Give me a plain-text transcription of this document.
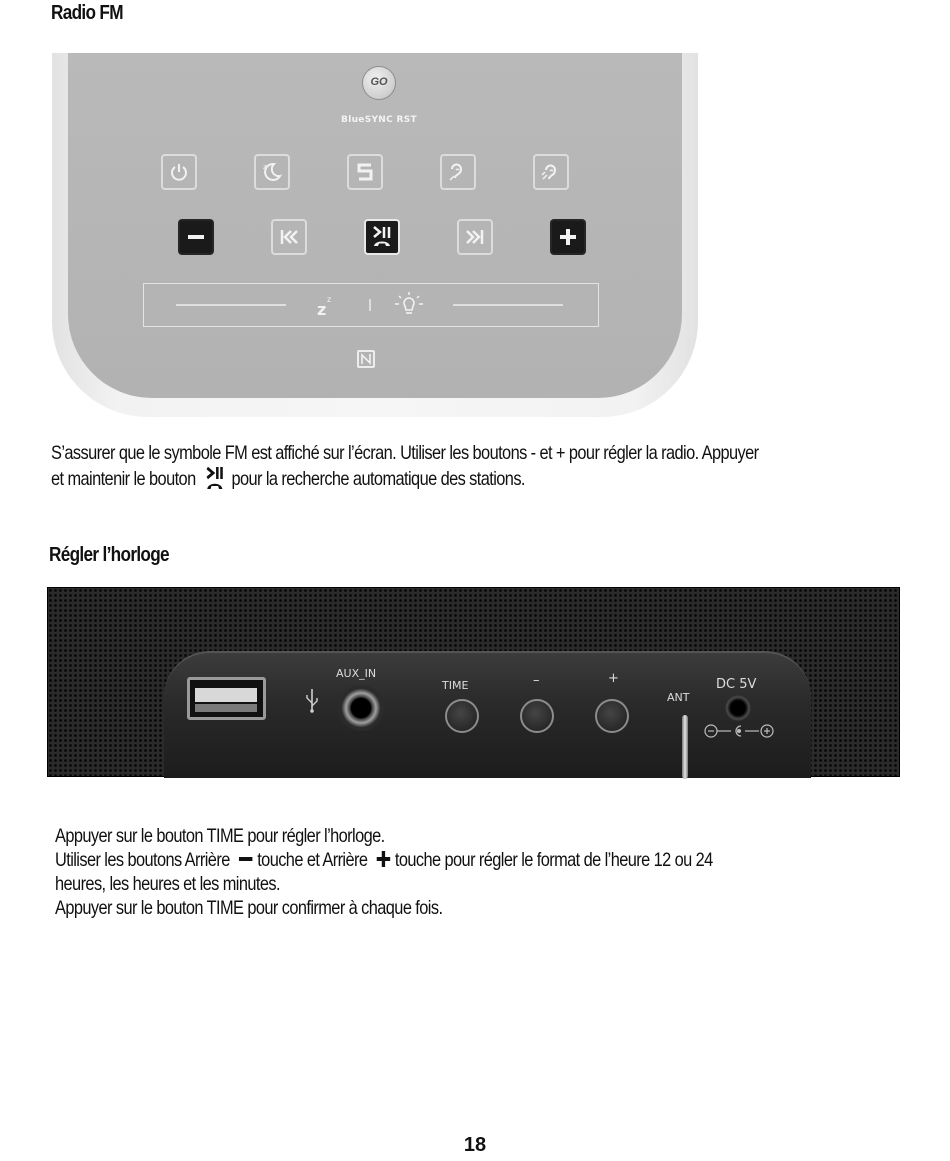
Radio FM
GO
BlueSYNC RST
z
z
z
S’assurer que le symbole FM est affiché sur l’écran. Utiliser les boutons - et + pour régler la radio. Appuyer
et maintenir le bouton pour la recherche automatique des stations.
Régler l’horloge
AUX_IN
TIME	–	+
ANT
DC 5V
Appuyer sur le bouton TIME pour régler l’horloge.
Utiliser les boutons Arrière touche et Arrière touche pour régler le format de l’heure 12 ou 24
heures, les heures et les minutes.
Appuyer sur le bouton TIME pour confirmer à chaque fois.
18
